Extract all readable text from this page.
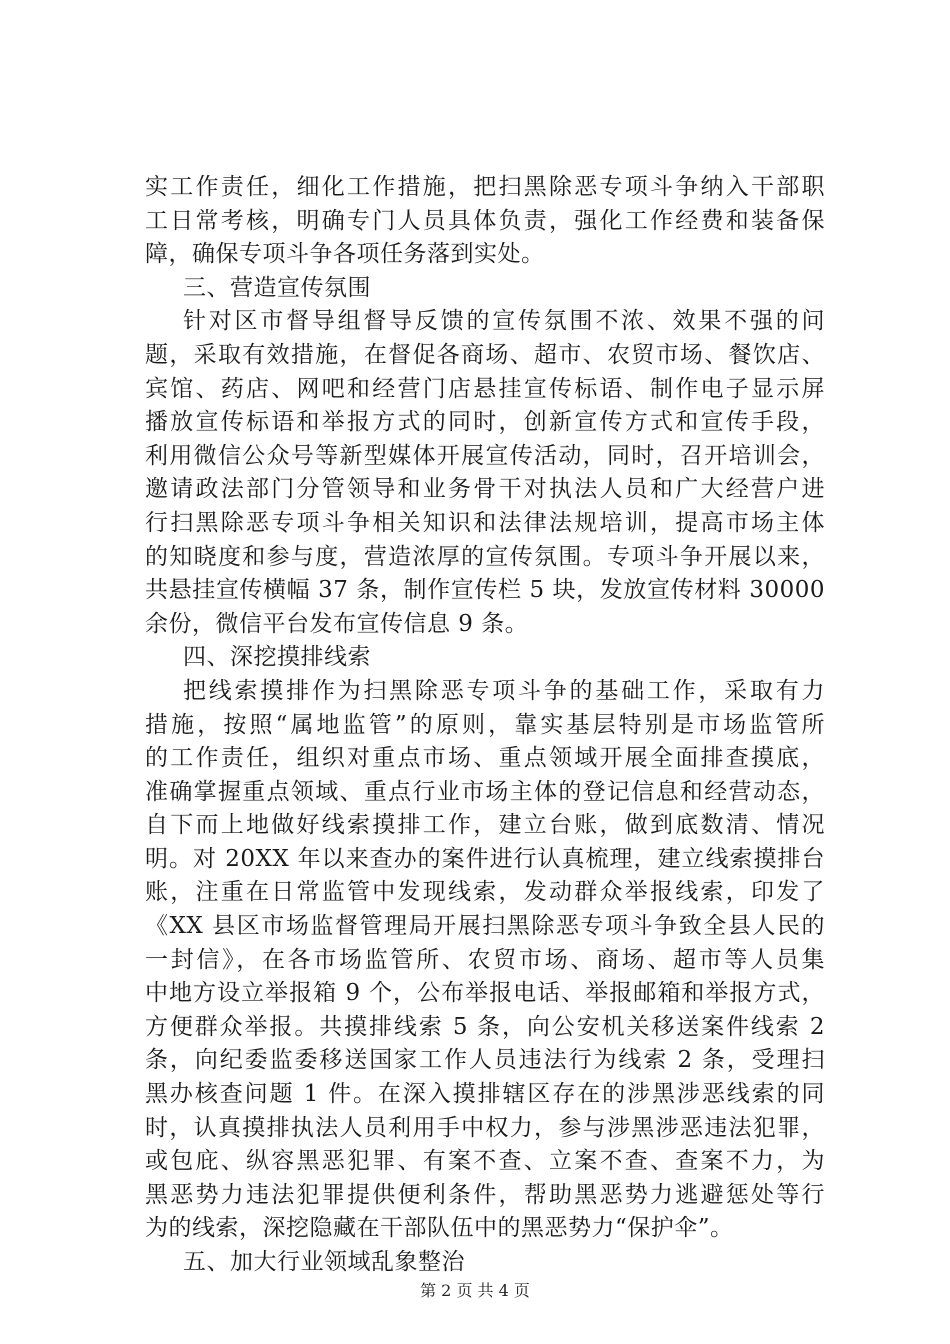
实工作责任，细化工作措施，把扫黑除恶专项斗争纳入干部职
工日常考核，明确专门人员具体负责，强化工作经费和装备保
障，确保专项斗争各项任务落到实处。
三、营造宣传氛围
针对区市督导组督导反馈的宣传氛围不浓、效果不强的问
题，采取有效措施，在督促各商场、超市、农贸市场、餐饮店、
宾馆、药店、网吧和经营门店悬挂宣传标语、制作电子显示屏
播放宣传标语和举报方式的同时，创新宣传方式和宣传手段，
利用微信公众号等新型媒体开展宣传活动，同时，召开培训会，
邀请政法部门分管领导和业务骨干对执法人员和广大经营户进
行扫黑除恶专项斗争相关知识和法律法规培训，提高市场主体
的知晓度和参与度，营造浓厚的宣传氛围。专项斗争开展以来，
共悬挂宣传横幅 37 条，制作宣传栏 5 块，发放宣传材料 30000
余份，微信平台发布宣传信息 9 条。
四、深挖摸排线索
把线索摸排作为扫黑除恶专项斗争的基础工作，采取有力
措施，按照“属地监管”的原则，靠实基层特别是市场监管所
的工作责任，组织对重点市场、重点领域开展全面排查摸底，
准确掌握重点领域、重点行业市场主体的登记信息和经营动态，
自下而上地做好线索摸排工作，建立台账，做到底数清、情况
明。对 20XX 年以来查办的案件进行认真梳理，建立线索摸排台
账，注重在日常监管中发现线索，发动群众举报线索，印发了
《XX 县区市场监督管理局开展扫黑除恶专项斗争致全县人民的
一封信》，在各市场监管所、农贸市场、商场、超市等人员集
中地方设立举报箱 9 个，公布举报电话、举报邮箱和举报方式，
方便群众举报。共摸排线索 5 条，向公安机关移送案件线索 2
条，向纪委监委移送国家工作人员违法行为线索 2 条，受理扫
黑办核查问题 1 件。在深入摸排辖区存在的涉黑涉恶线索的同
时，认真摸排执法人员利用手中权力，参与涉黑涉恶违法犯罪，
或包庇、纵容黑恶犯罪、有案不查、立案不查、查案不力，为
黑恶势力违法犯罪提供便利条件，帮助黑恶势力逃避惩处等行
为的线索，深挖隐藏在干部队伍中的黑恶势力“保护伞”。
五、加大行业领域乱象整治
第 2 页 共 4 页
